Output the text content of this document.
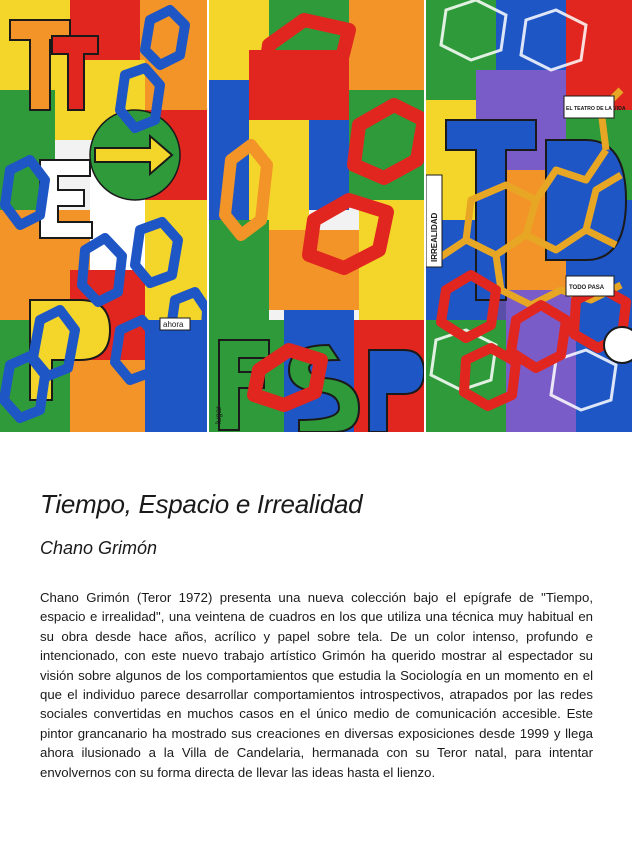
ahora
lugar
EL TEATRO DE LA VIDA
IRREALIDAD
TODO PASA
Tiempo, Espacio e Irrealidad
Chano Grimón

Chano Grimón (Teror 1972) presenta una nueva colección bajo el epígrafe de "Tiempo, espacio e irrealidad", una veintena de cuadros en los que utiliza una técnica muy habitual en su obra desde hace años, acrílico y papel sobre tela. De un color intenso, profundo e intencionado, con este nuevo trabajo artístico Grimón ha querido mostrar al espectador su visión sobre algunos de los comportamientos que estudia la Sociología en un momento en el que el individuo parece desarrollar comportamientos introspectivos, atrapados por las redes sociales convertidas en muchos casos en el único medio de comunicación accesible. Este pintor grancanario ha mostrado sus creaciones en diversas exposiciones desde 1999 y llega ahora ilusionado a la Villa de Candelaria, hermanada con su Teror natal, para intentar envolvernos con su forma directa de llevar las ideas hasta el lienzo.
